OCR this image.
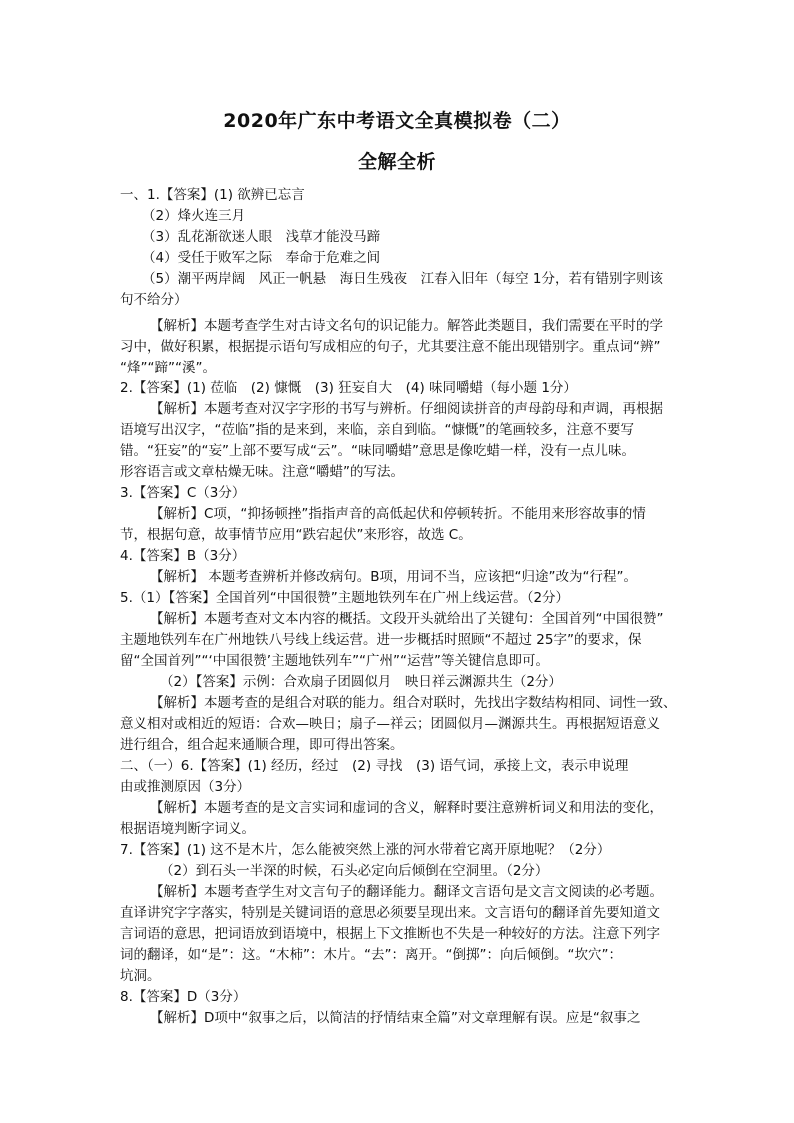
2020年广东中考语文全真模拟卷（二）
全解全析
一、1.【答案】(1) 欲辨已忘言
（2）烽火连三月
（3）乱花渐欲迷人眼　浅草才能没马蹄
（4）受任于败军之际　奉命于危难之间
（5）潮平两岸阔　风正一帆悬　海日生残夜　江春入旧年（每空 1分，若有错别字则该
句不给分）
【解析】本题考查学生对古诗文名句的识记能力。解答此类题目，我们需要在平时的学
习中，做好积累，根据提示语句写成相应的句子，尤其要注意不能出现错别字。重点词“辨”
“烽”“蹄”“溪”。
2.【答案】(1) 莅临　(2) 慷慨　(3) 狂妄自大　(4) 味同嚼蜡（每小题 1分）
【解析】本题考查对汉字字形的书写与辨析。仔细阅读拼音的声母韵母和声调，再根据
语境写出汉字，“莅临”指的是来到，来临，亲自到临。“慷慨”的笔画较多，注意不要写
错。“狂妄”的“妄”上部不要写成“云”。“味同嚼蜡”意思是像吃蜡一样，没有一点儿味。
形容语言或文章枯燥无味。注意“嚼蜡”的写法。
3.【答案】C（3分）
【解析】C项，“抑扬顿挫”指指声音的高低起伏和停顿转折。不能用来形容故事的情
节，根据句意，故事情节应用“跌宕起伏”来形容，故选 C。
4.【答案】B（3分）
【解析】 本题考查辨析并修改病句。B项，用词不当，应该把“归途”改为“行程”。
5.（1）【答案】全国首列“中国很赞”主题地铁列车在广州上线运营。（2分）
【解析】本题考查对文本内容的概括。文段开头就给出了关键句：全国首列“中国很赞”
主题地铁列车在广州地铁八号线上线运营。进一步概括时照顾“不超过 25字”的要求，保
留“全国首列”“‘中国很赞’主题地铁列车”“广州”“运营”等关键信息即可。
（2）【答案】示例：合欢扇子团圆似月　映日祥云渊源共生（2分）
【解析】本题考查的是组合对联的能力。组合对联时，先找出字数结构相同、词性一致、
意义相对或相近的短语：合欢—映日；扇子—祥云；团圆似月—渊源共生。再根据短语意义
进行组合，组合起来通顺合理，即可得出答案。
二、（一）6.【答案】(1) 经历，经过　(2) 寻找　(3) 语气词，承接上文，表示申说理
由或推测原因（3分）
【解析】本题考查的是文言实词和虚词的含义，解释时要注意辨析词义和用法的变化，
根据语境判断字词义。
7.【答案】(1) 这不是木片，怎么能被突然上涨的河水带着它离开原地呢？（2分）
（2）到石头一半深的时候，石头必定向后倾倒在空洞里。（2分）
【解析】本题考查学生对文言句子的翻译能力。翻译文言语句是文言文阅读的必考题。
直译讲究字字落实，特别是关键词语的意思必须要呈现出来。文言语句的翻译首先要知道文
言词语的意思，把词语放到语境中，根据上下文推断也不失是一种较好的方法。注意下列字
词的翻译，如“是”：这。“木柿”：木片。“去”：离开。“倒掷”：向后倾倒。“坎穴”：
坑洞。
8.【答案】D（3分）
【解析】D项中“叙事之后，以简洁的抒情结束全篇”对文章理解有误。应是“叙事之
